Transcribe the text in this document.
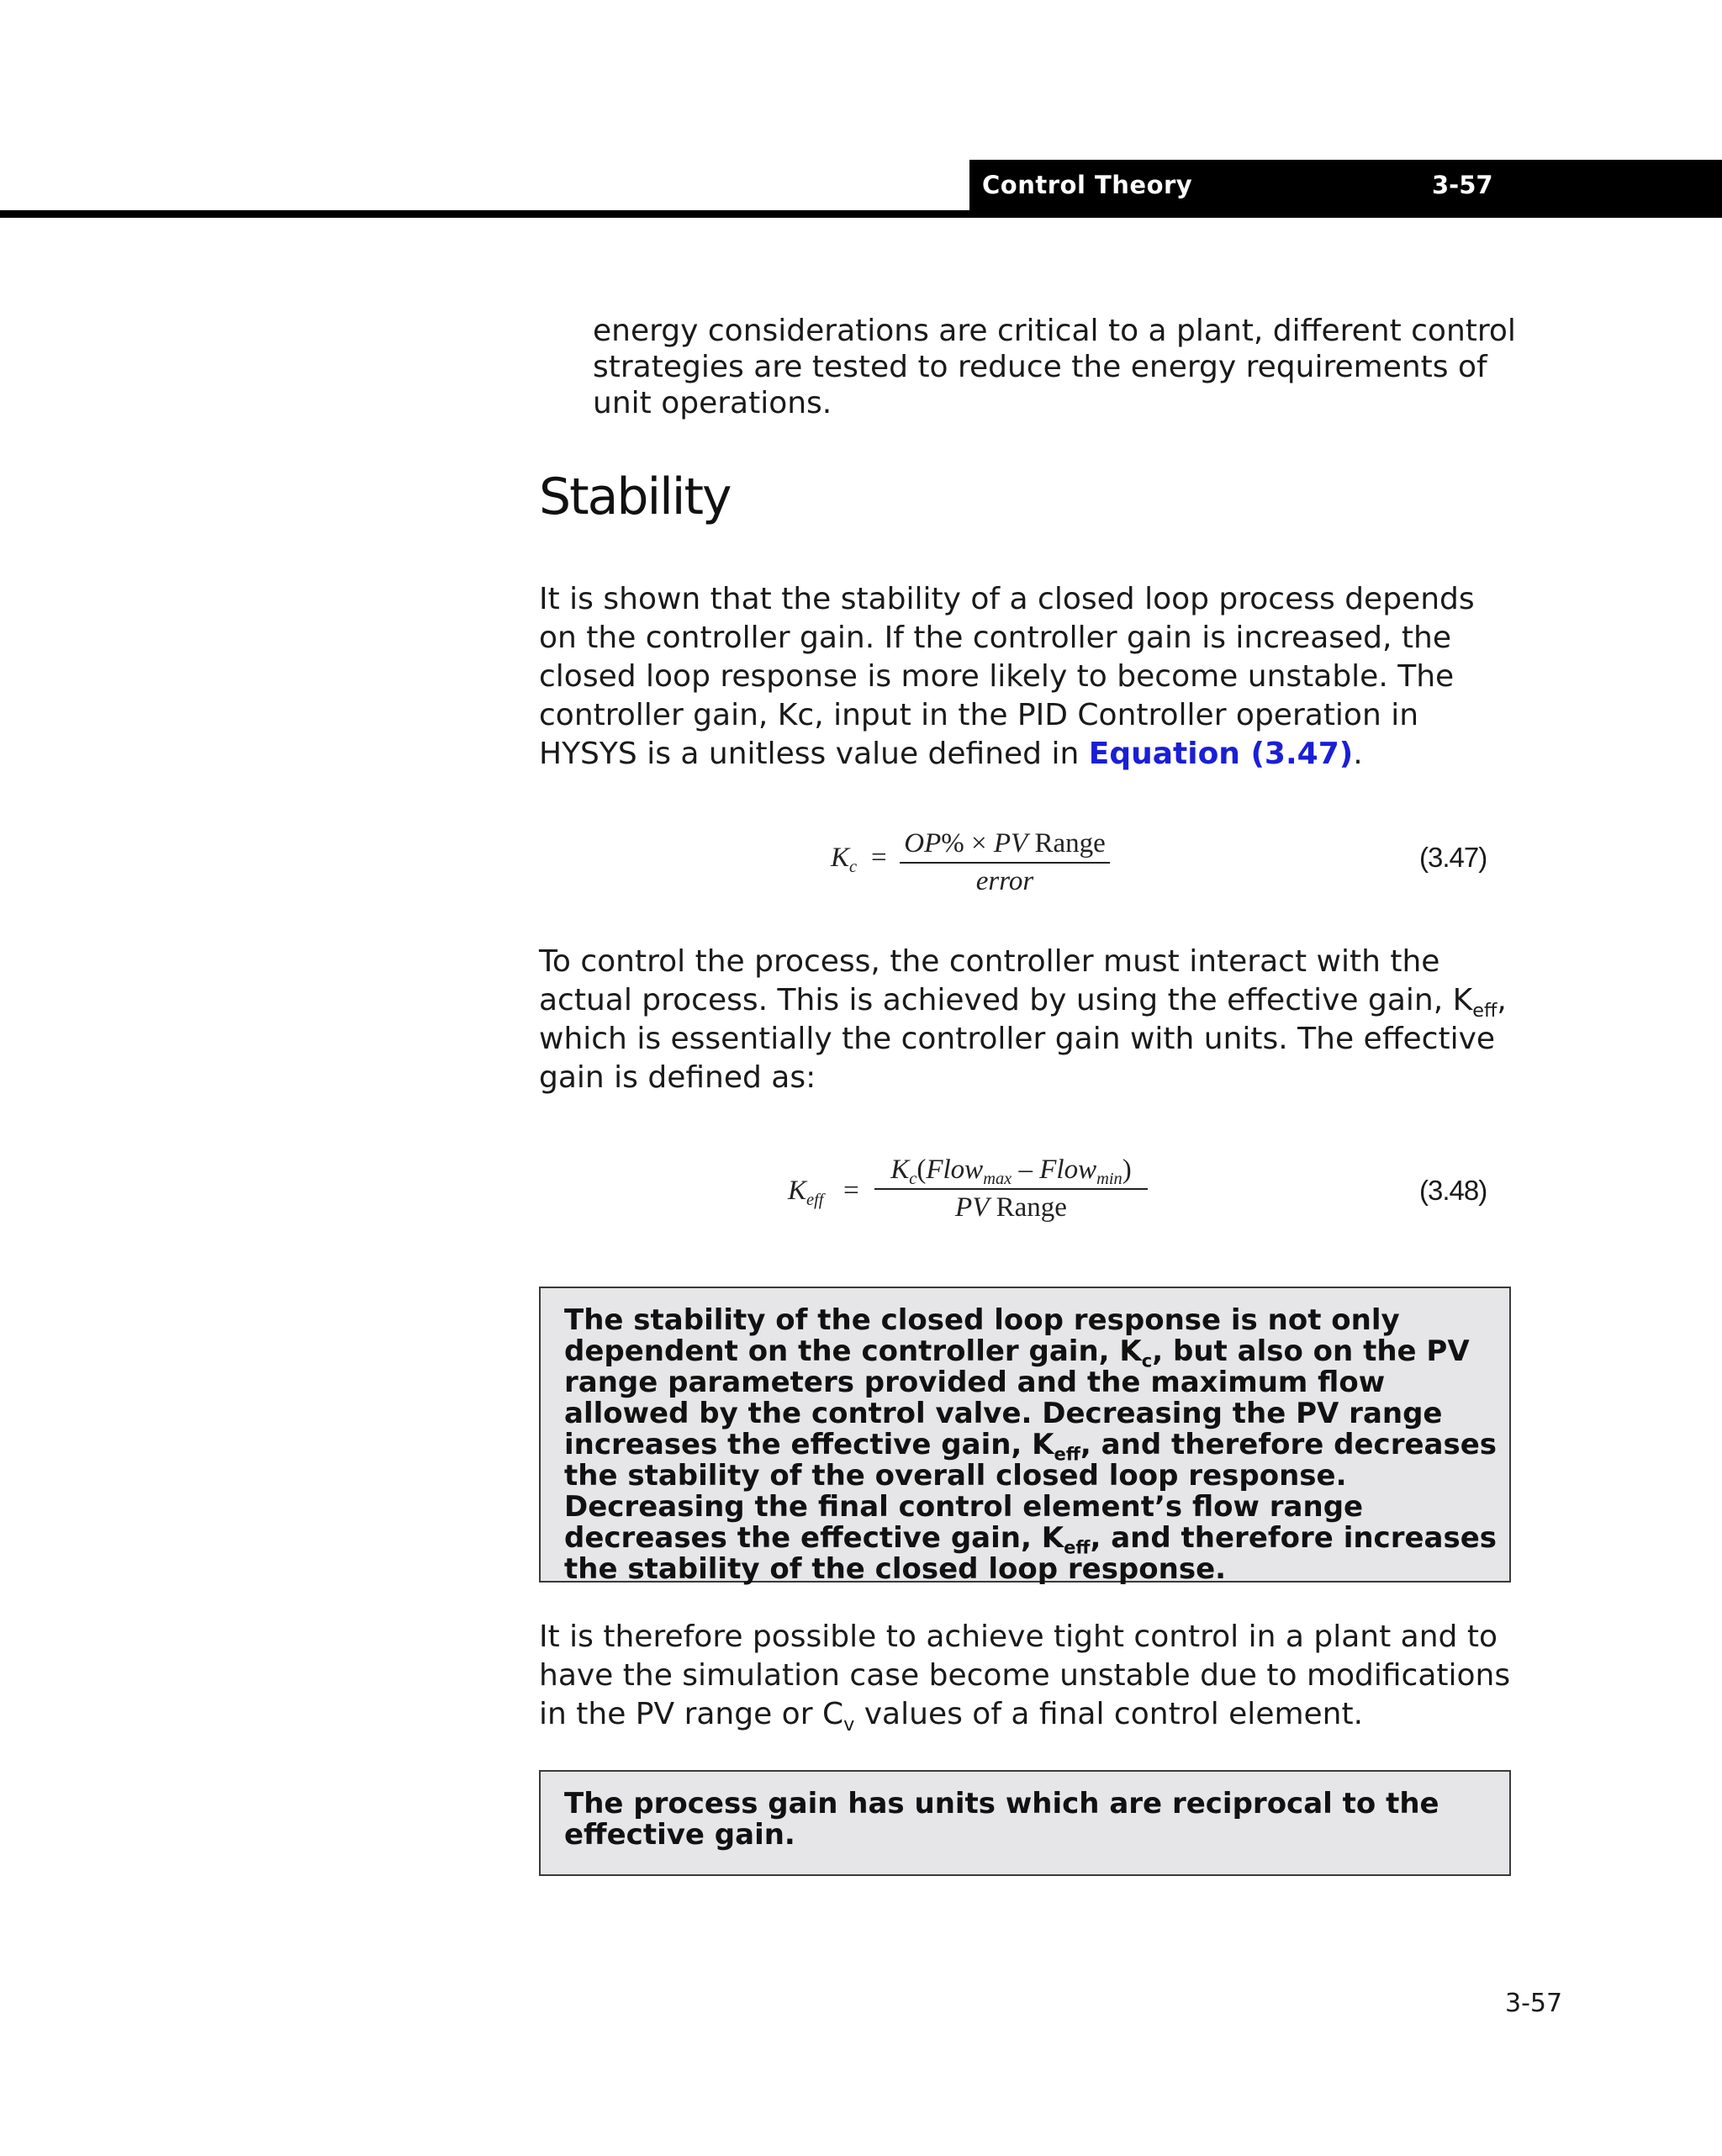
Control Theory	3-57

energy considerations are critical to a plant, different control strategies are tested to reduce the energy requirements of unit operations.

Stability

It is shown that the stability of a closed loop process depends on the controller gain. If the controller gain is increased, the closed loop response is more likely to become unstable. The controller gain, Kc, input in the PID Controller operation in HYSYS is a unitless value defined in Equation (3.47).

$K_c = OP\%$ × PV Range
error
(3.47)

To control the process, the controller must interact with the actual process. This is achieved by using the effective gain, $K_{eff}$, which is essentially the controller gain with units. The effective gain is defined as:

$K_{eff}$ =
$K_c(Flow_{max}$ – Flow$_{min}$)
PV Range
(3.48)

The stability of the closed loop response is not only dependent on the controller gain, $K_c$, but also on the PV range parameters provided and the maximum flow allowed by the control valve. Decreasing the PV range increases the effective gain, $K_{eff}$, and therefore decreases the stability of the overall closed loop response. Decreasing the final control element’s flow range decreases the effective gain, $K_{eff}$, and therefore increases the stability of the closed loop response.

It is therefore possible to achieve tight control in a plant and to have the simulation case become unstable due to modifications in the PV range or $C_v$ values of a final control element.

The process gain has units which are reciprocal to the effective gain.

3-57
